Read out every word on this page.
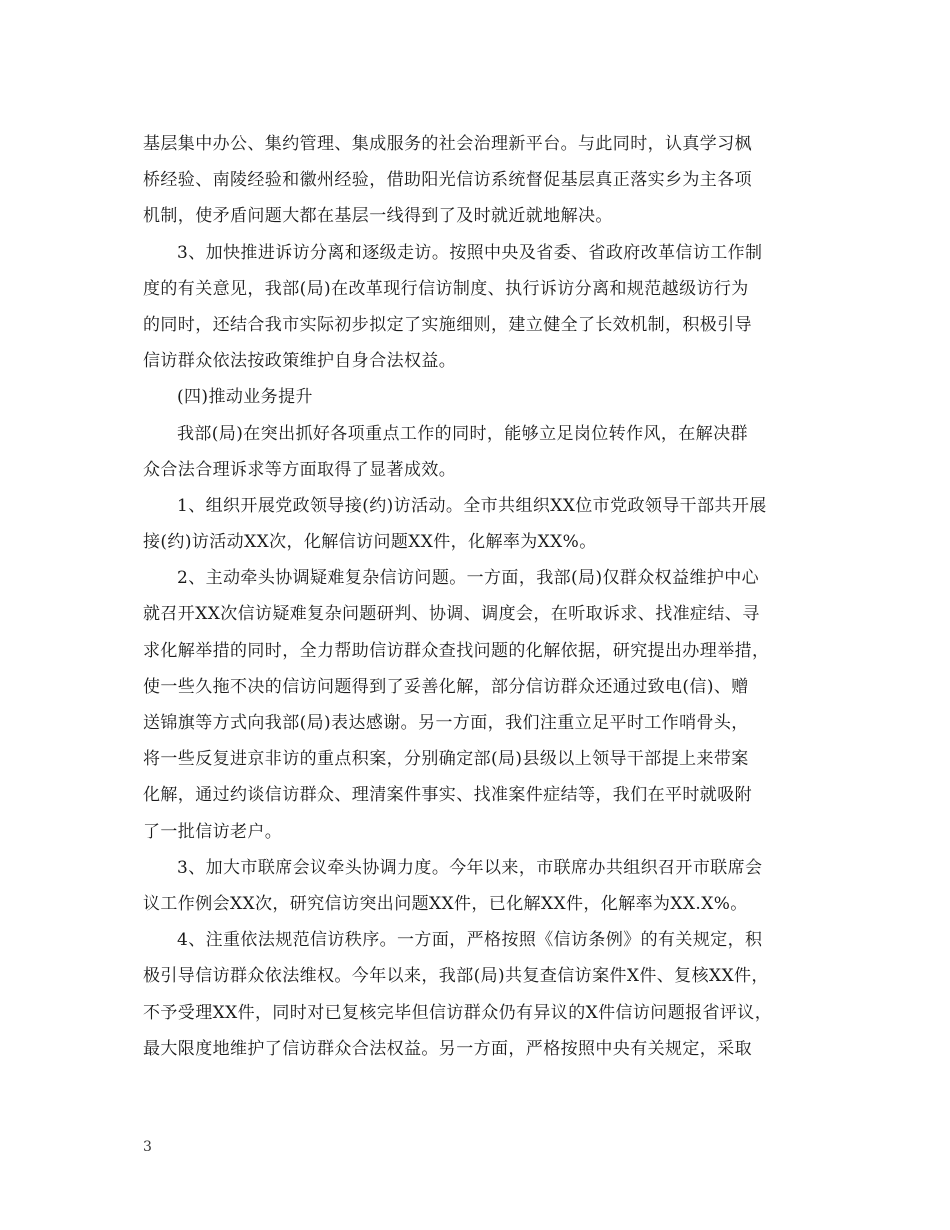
基层集中办公、集约管理、集成服务的社会治理新平台。与此同时，认真学习枫
桥经验、南陵经验和徽州经验，借助阳光信访系统督促基层真正落实乡为主各项
机制，使矛盾问题大都在基层一线得到了及时就近就地解决。
3、加快推进诉访分离和逐级走访。按照中央及省委、省政府改革信访工作制
度的有关意见，我部(局)在改革现行信访制度、执行诉访分离和规范越级访行为
的同时，还结合我市实际初步拟定了实施细则，建立健全了长效机制，积极引导
信访群众依法按政策维护自身合法权益。
(四)推动业务提升
我部(局)在突出抓好各项重点工作的同时，能够立足岗位转作风，在解决群
众合法合理诉求等方面取得了显著成效。
1、组织开展党政领导接(约)访活动。全市共组织XX位市党政领导干部共开展
接(约)访活动XX次，化解信访问题XX件，化解率为XX%。
2、主动牵头协调疑难复杂信访问题。一方面，我部(局)仅群众权益维护中心
就召开XX次信访疑难复杂问题研判、协调、调度会，在听取诉求、找准症结、寻
求化解举措的同时，全力帮助信访群众查找问题的化解依据，研究提出办理举措，
使一些久拖不决的信访问题得到了妥善化解，部分信访群众还通过致电(信)、赠
送锦旗等方式向我部(局)表达感谢。另一方面，我们注重立足平时工作哨骨头，
将一些反复进京非访的重点积案，分别确定部(局)县级以上领导干部提上来带案
化解，通过约谈信访群众、理清案件事实、找准案件症结等，我们在平时就吸附
了一批信访老户。
3、加大市联席会议牵头协调力度。今年以来，市联席办共组织召开市联席会
议工作例会XX次，研究信访突出问题XX件，已化解XX件，化解率为XX.X%。
4、注重依法规范信访秩序。一方面，严格按照《信访条例》的有关规定，积
极引导信访群众依法维权。今年以来，我部(局)共复查信访案件X件、复核XX件，
不予受理XX件，同时对已复核完毕但信访群众仍有异议的X件信访问题报省评议，
最大限度地维护了信访群众合法权益。另一方面，严格按照中央有关规定，采取
3
